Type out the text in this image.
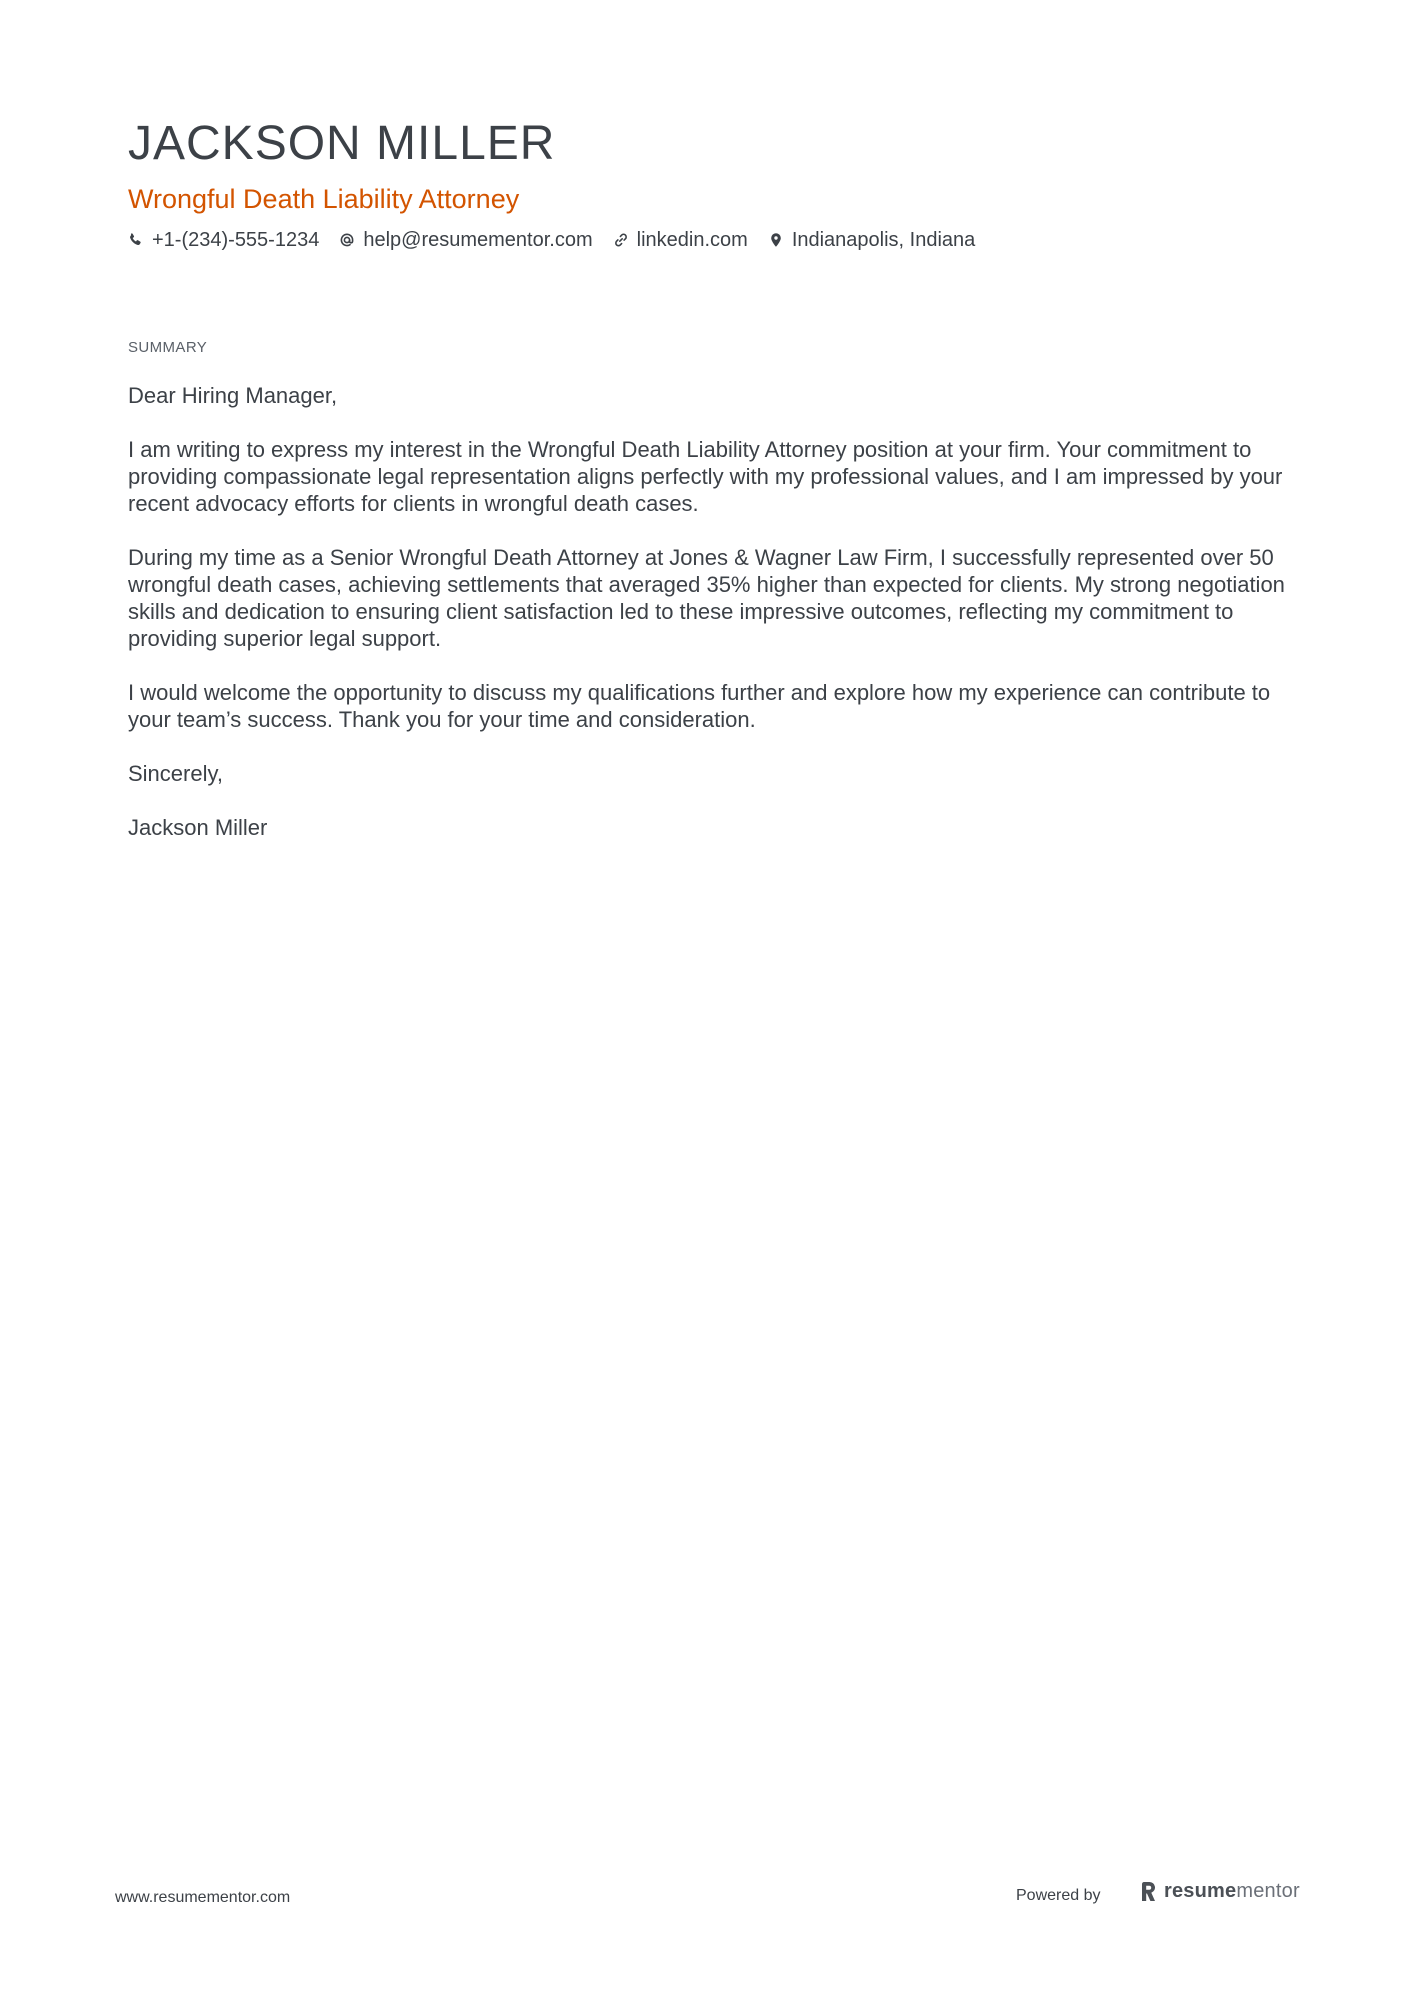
JACKSON MILLER
Wrongful Death Liability Attorney
+1-(234)-555-1234 help@resumementor.com linkedin.com Indianapolis, Indiana
SUMMARY

Dear Hiring Manager,

I am writing to express my interest in the Wrongful Death Liability Attorney position at your firm. Your commitment to providing compassionate legal representation aligns perfectly with my professional values, and I am impressed by your recent advocacy efforts for clients in wrongful death cases.

During my time as a Senior Wrongful Death Attorney at Jones & Wagner Law Firm, I successfully represented over 50 wrongful death cases, achieving settlements that averaged 35% higher than expected for clients. My strong negotiation skills and dedication to ensuring client satisfaction led to these impressive outcomes, reflecting my commitment to providing superior legal support.

I would welcome the opportunity to discuss my qualifications further and explore how my experience can contribute to your team’s success. Thank you for your time and consideration.

Sincerely,

Jackson Miller

www.resumementor.com	Powered by	resumementor
